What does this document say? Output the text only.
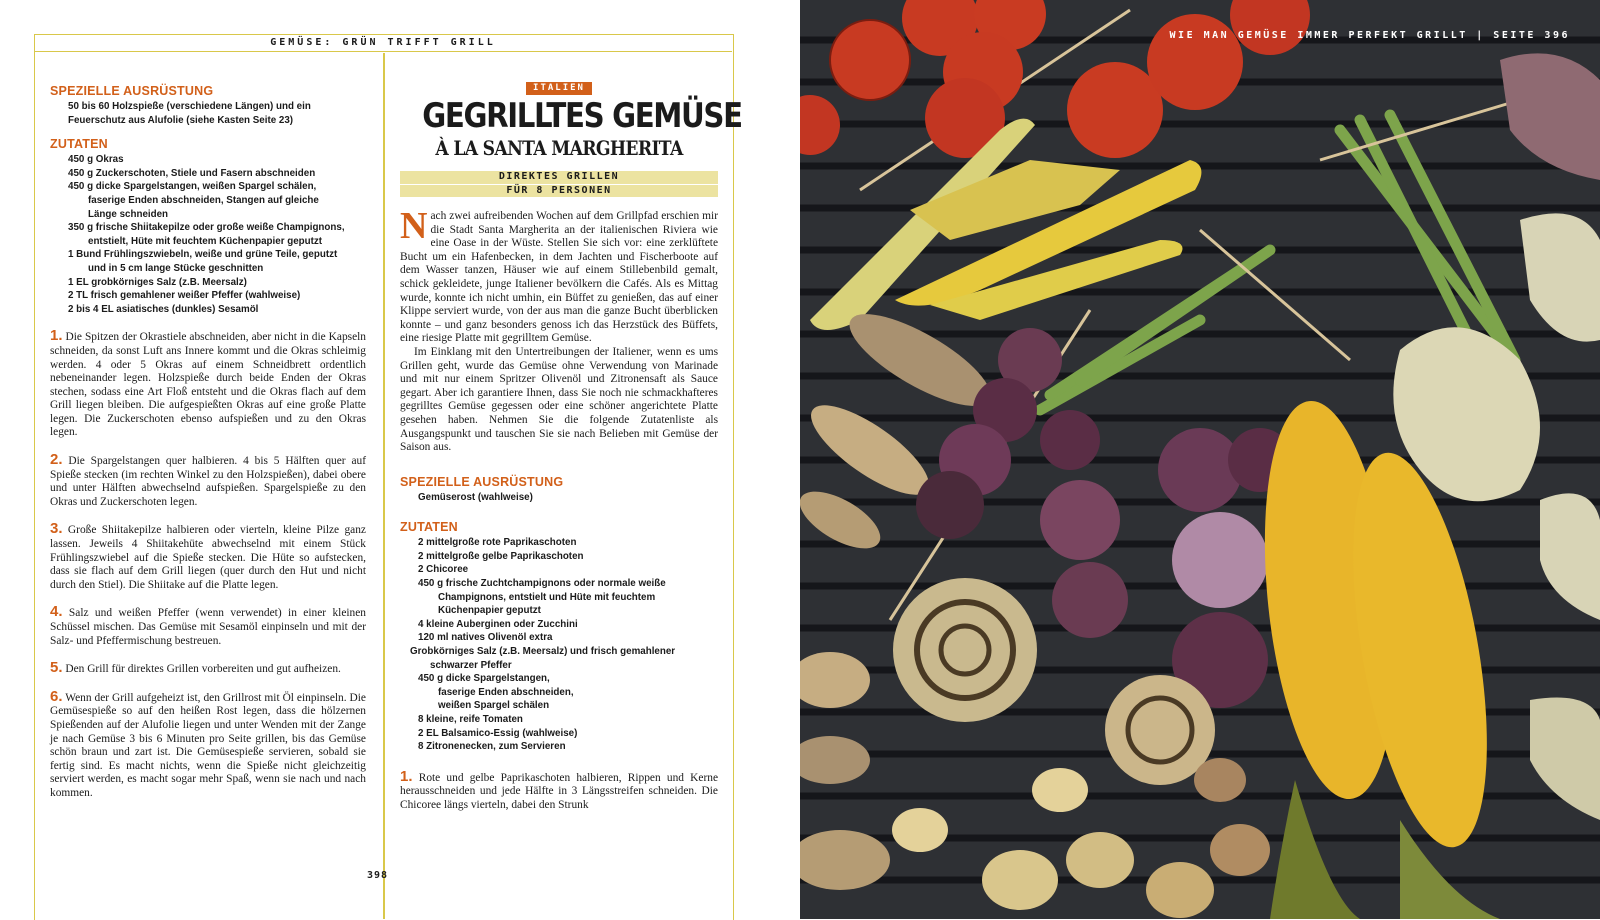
GEMÜSE: GRÜN TRIFFT GRILL

SPEZIELLE AUSRÜSTUNG

50 bis 60 Holzspieße (verschiedene Längen) und ein
Feuerschutz aus Alufolie (siehe Kasten Seite 23)

ZUTATEN

450 g Okras
450 g Zuckerschoten, Stiele und Fasern abschneiden
450 g dicke Spargelstangen, weißen Spargel schälen,
faserige Enden abschneiden, Stangen auf gleiche Länge schneiden
350 g frische Shiitakepilze oder große weiße Champignons,
entstielt, Hüte mit feuchtem Küchenpapier geputzt
1 Bund Frühlingszwiebeln, weiße und grüne Teile, geputzt
und in 5 cm lange Stücke geschnitten
1 EL grobkörniges Salz (z.B. Meersalz)
2 TL frisch gemahlener weißer Pfeffer (wahlweise)
2 bis 4 EL asiatisches (dunkles) Sesamöl

1. Die Spitzen der Okrastiele abschneiden, aber nicht in die Kapseln schneiden, da sonst Luft ans Innere kommt und die Okras schleimig werden. 4 oder 5 Okras auf einem Schneidbrett ordentlich nebeneinander legen. Holzspieße durch beide Enden der Okras stechen, sodass eine Art Floß entsteht und die Okras flach auf dem Grill liegen bleiben. Die aufgespießten Okras auf eine große Platte legen. Die Zuckerschoten ebenso aufspießen und zu den Okras legen.

2. Die Spargelstangen quer halbieren. 4 bis 5 Hälften quer auf Spieße stecken (im rechten Winkel zu den Holzspießen), dabei obere und unter Hälften abwechselnd aufspießen. Spargelspieße zu den Okras und Zuckerschoten legen.

3. Große Shiitakepilze halbieren oder vierteln, kleine Pilze ganz lassen. Jeweils 4 Shiitakehüte abwechselnd mit einem Stück Frühlingszwiebel auf die Spieße stecken. Die Hüte so aufstecken, dass sie flach auf dem Grill liegen (quer durch den Hut und nicht durch den Stiel). Die Shiitake auf die Platte legen.

4. Salz und weißen Pfeffer (wenn verwendet) in einer kleinen Schüssel mischen. Das Gemüse mit Sesamöl einpinseln und mit der Salz- und Pfeffermischung bestreuen.

5. Den Grill für direktes Grillen vorbereiten und gut aufheizen.

6. Wenn der Grill aufgeheizt ist, den Grillrost mit Öl einpinseln. Die Gemüsespieße so auf den heißen Rost legen, dass die hölzernen Spießenden auf der Alufolie liegen und unter Wenden mit der Zange je nach Gemüse 3 bis 6 Minuten pro Seite grillen, bis das Gemüse schön braun und zart ist. Die Gemüsespieße servieren, sobald sie fertig sind. Es macht nichts, wenn die Spieße nicht gleichzeitig serviert werden, es macht sogar mehr Spaß, wenn sie nach und nach kommen.

ITALIEN
GEGRILLTES GEMÜSE
À LA SANTA MARGHERITA
DIREKTES GRILLEN
FÜR 8 PERSONEN

Nach zwei aufreibenden Wochen auf dem Grillpfad erschien mir die Stadt Santa Margherita an der italienischen Riviera wie eine Oase in der Wüste. Stellen Sie sich vor: eine zerklüftete Bucht um ein Hafenbecken, in dem Jachten und Fischerboote auf dem Wasser tanzen, Häuser wie auf einem Stillebenbild gemalt, schick gekleidete, junge Italiener bevölkern die Cafés. Als es Mittag wurde, konnte ich nicht umhin, ein Büffet zu genießen, das auf einer Klippe serviert wurde, von der aus man die ganze Bucht überblicken konnte – und ganz besonders genoss ich das Herzstück des Büffets, eine riesige Platte mit gegrilltem Gemüse.

Im Einklang mit den Untertreibungen der Italiener, wenn es ums Grillen geht, wurde das Gemüse ohne Verwendung von Marinade und mit nur einem Spritzer Olivenöl und Zitronensaft als Sauce gegart. Aber ich garantiere Ihnen, dass Sie noch nie schmackhafteres gegrilltes Gemüse gegessen oder eine schöner angerichtete Platte gesehen haben. Nehmen Sie die folgende Zutatenliste als Ausgangspunkt und tauschen Sie sie nach Belieben mit Gemüse der Saison aus.

SPEZIELLE AUSRÜSTUNG

Gemüserost (wahlweise)

ZUTATEN

2 mittelgroße rote Paprikaschoten
2 mittelgroße gelbe Paprikaschoten
2 Chicoree
450 g frische Zuchtchampignons oder normale weiße
Champignons, entstielt und Hüte mit feuchtem Küchenpapier geputzt
4 kleine Auberginen oder Zucchini
120 ml natives Olivenöl extra
Grobkörniges Salz (z.B. Meersalz) und frisch gemahlener
schwarzer Pfeffer
450 g dicke Spargelstangen,
faserige Enden abschneiden, weißen Spargel schälen
8 kleine, reife Tomaten
2 EL Balsamico-Essig (wahlweise)
8 Zitronenecken, zum Servieren

1. Rote und gelbe Paprikaschoten halbieren, Rippen und Kerne herausschneiden und jede Hälfte in 3 Längsstreifen schneiden. Die Chicoree längs vierteln, dabei den Strunk

398
WIE MAN GEMÜSE IMMER PERFEKT GRILLT | SEITE 396
